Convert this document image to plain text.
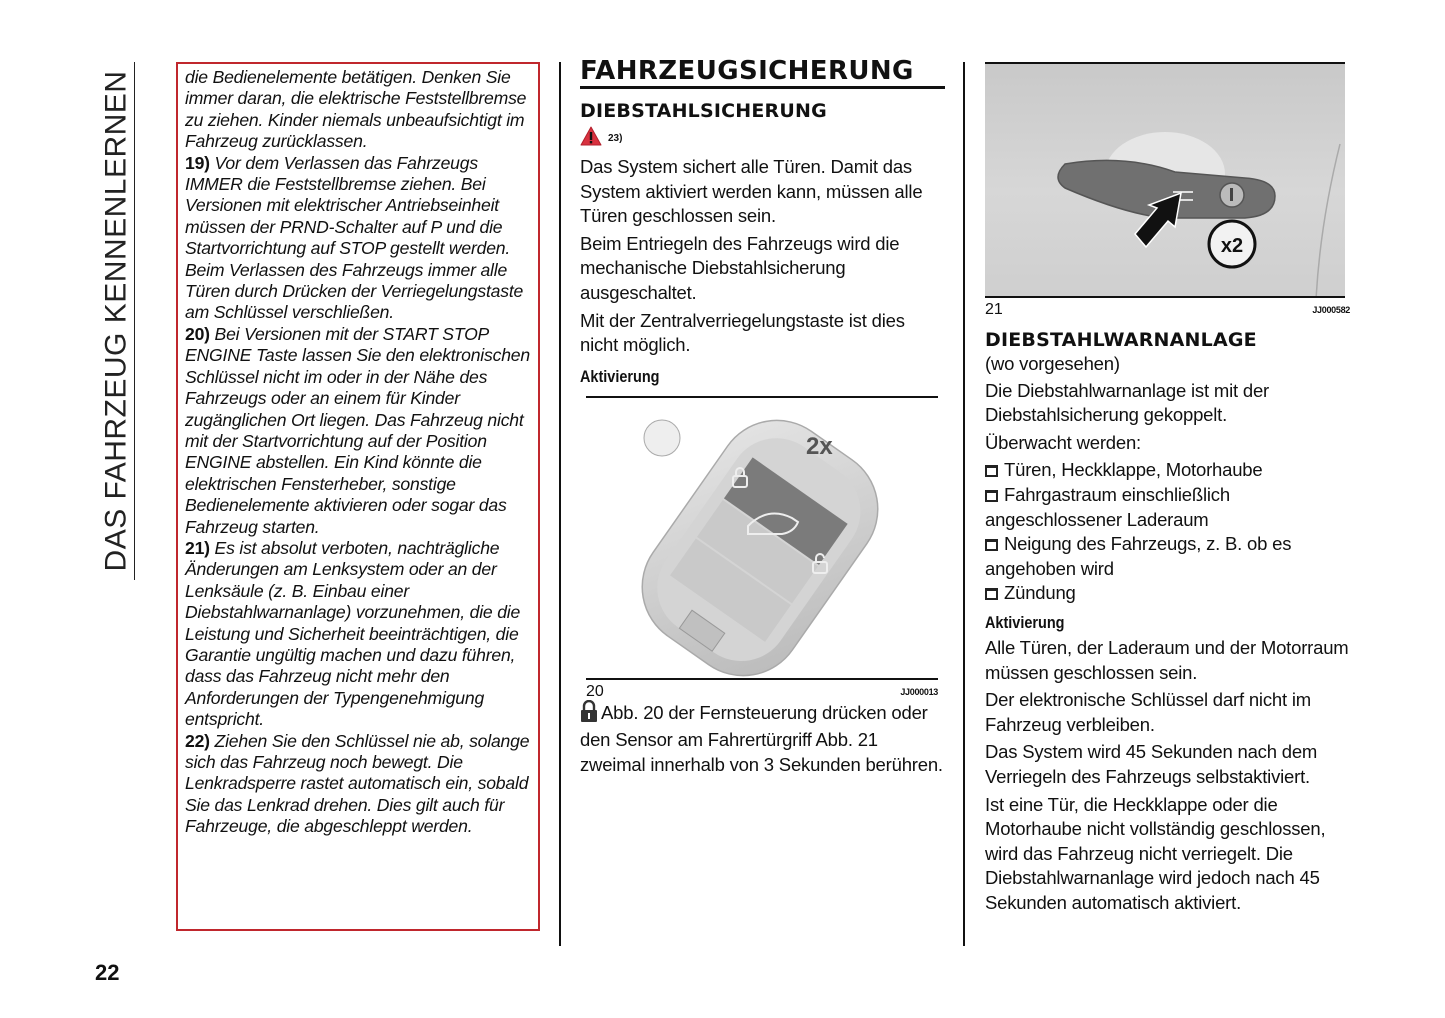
DAS FAHRZEUG KENNENLERNEN	die Bedienelemente betätigen. Denken Sie immer daran, die elektrische Feststellbremse zu ziehen. Kinder niemals unbeaufsichtigt im Fahrzeug zurücklassen.

19) Vor dem Verlassen das Fahrzeugs IMMER die Feststellbremse ziehen. Bei Versionen mit elektrischer Antriebseinheit müssen der PRND-Schalter auf P und die Startvorrichtung auf STOP gestellt werden. Beim Verlassen des Fahrzeugs immer alle Türen durch Drücken der Verriegelungstaste am Schlüssel verschließen.

20) Bei Versionen mit der START STOP ENGINE Taste lassen Sie den elektronischen Schlüssel nicht im oder in der Nähe des Fahrzeugs oder an einem für Kinder zugänglichen Ort liegen. Das Fahrzeug nicht mit der Startvorrichtung auf der Position ENGINE abstellen. Ein Kind könnte die elektrischen Fensterheber, sonstige Bedienelemente aktivieren oder sogar das Fahrzeug starten.

21) Es ist absolut verboten, nachträgliche Änderungen am Lenksystem oder an der Lenksäule (z. B. Einbau einer Diebstahlwarnanlage) vorzunehmen, die die Leistung und Sicherheit beeinträchtigen, die Garantie ungültig machen und dazu führen, dass das Fahrzeug nicht mehr den Anforderungen der Typengenehmigung entspricht.

22) Ziehen Sie den Schlüssel nie ab, solange sich das Fahrzeug noch bewegt. Die Lenkradsperre rastet automatisch ein, sobald Sie das Lenkrad drehen. Dies gilt auch für Fahrzeuge, die abgeschleppt werden.

FAHRZEUGSICHERUNG
DIEBSTAHLSICHERUNG
23)

Das System sichert alle Türen. Damit das System aktiviert werden kann, müssen alle Türen geschlossen sein.

Beim Entriegeln des Fahrzeugs wird die mechanische Diebstahlsicherung ausgeschaltet.

Mit der Zentralverriegelungstaste ist dies nicht möglich.

Aktivierung
2x
20	JJ000013

Abb. 20 der Fernsteuerung drücken oder den Sensor am Fahrertürgriff Abb. 21 zweimal innerhalb von 3 Sekunden berühren.

x2
21	JJ000582
DIEBSTAHLWARNANLAGE

(wo vorgesehen)

Die Diebstahlwarnanlage ist mit der Diebstahlsicherung gekoppelt.

Überwacht werden:

Türen, Heckklappe, Motorhaube

Fahrgastraum einschließlich angeschlossener Laderaum

Neigung des Fahrzeugs, z. B. ob es angehoben wird

Zündung

Aktivierung

Alle Türen, der Laderaum und der Motorraum müssen geschlossen sein.

Der elektronische Schlüssel darf nicht im Fahrzeug verbleiben.

Das System wird 45 Sekunden nach dem Verriegeln des Fahrzeugs selbstaktiviert.

Ist eine Tür, die Heckklappe oder die Motorhaube nicht vollständig geschlossen, wird das Fahrzeug nicht verriegelt. Die Diebstahlwarnanlage wird jedoch nach 45 Sekunden automatisch aktiviert.

22
